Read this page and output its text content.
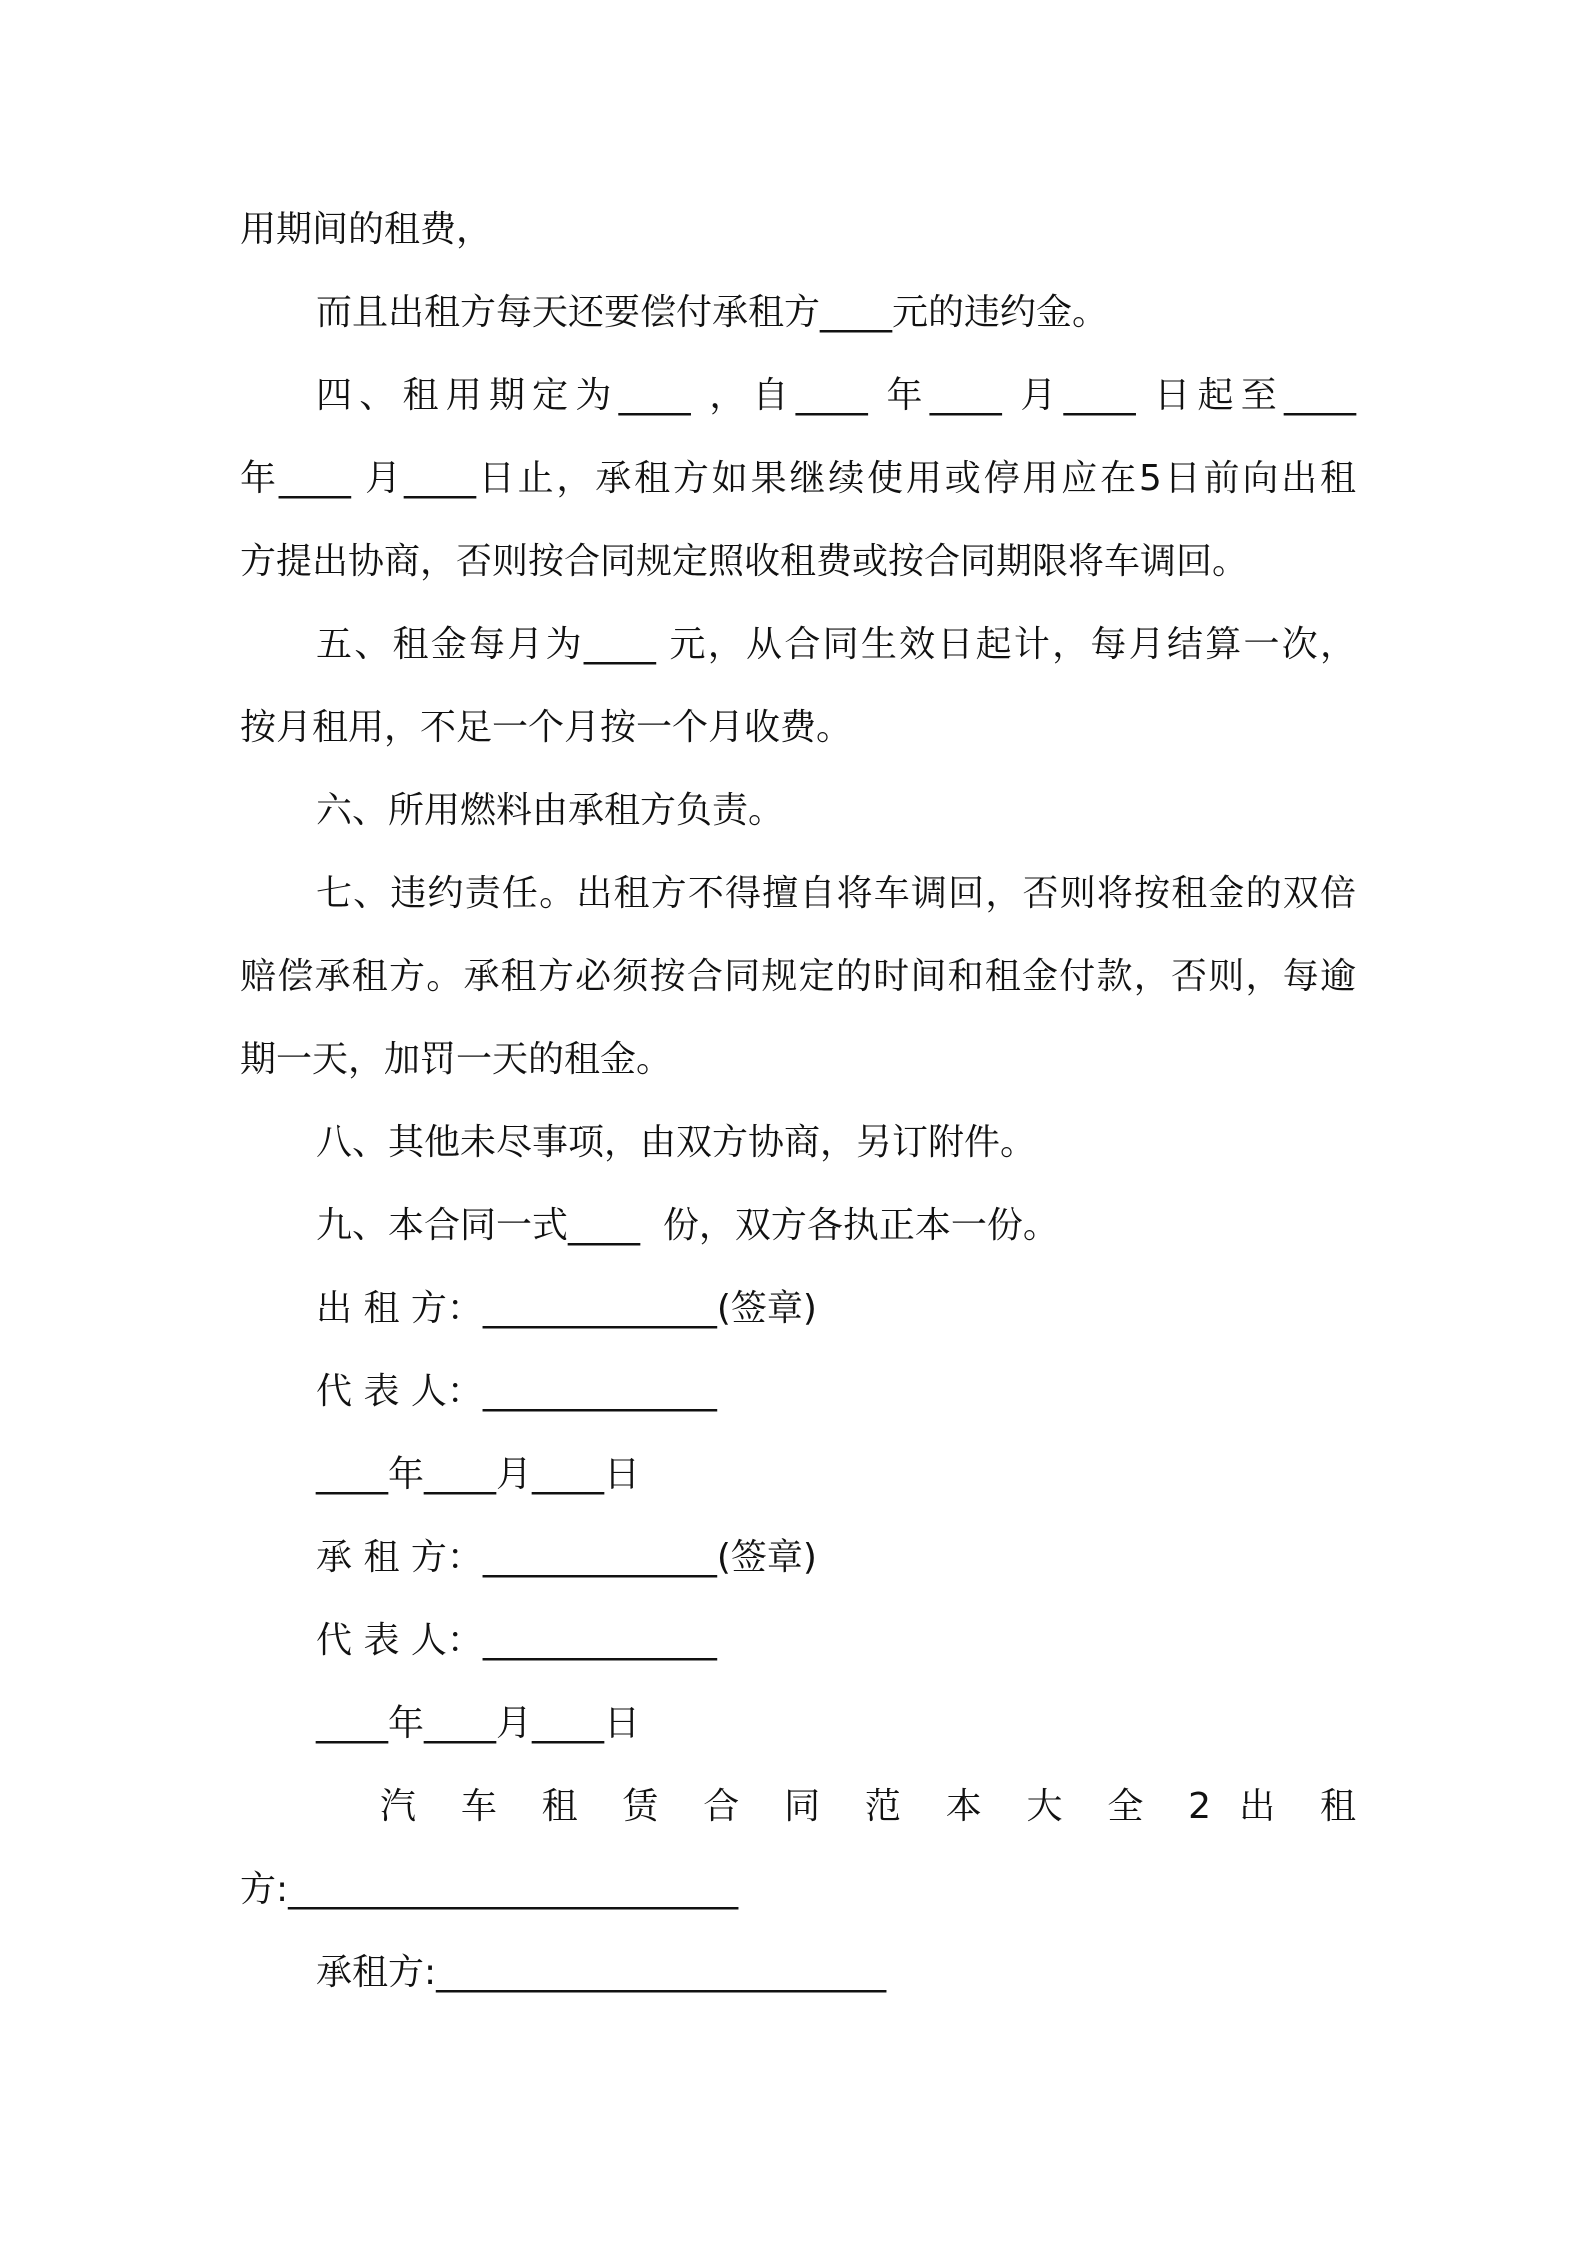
用期间的租费，
而且出租方每天还要偿付承租方____元的违约金。
四、租用期定为____ ，自____ 年____ 月____ 日起至____
年____ 月____日止，承租方如果继续使用或停用应在5日前向出租
方提出协商，否则按合同规定照收租费或按合同期限将车调回。
五、租金每月为____ 元，从合同生效日起计，每月结算一次，
按月租用，不足一个月按一个月收费。
六、所用燃料由承租方负责。
七、违约责任。出租方不得擅自将车调回，否则将按租金的双倍
赔偿承租方。承租方必须按合同规定的时间和租金付款，否则，每逾
期一天，加罚一天的租金。
八、其他未尽事项，由双方协商，另订附件。
九、本合同一式____  份，双方各执正本一份。
出 租 方：_____________(签章)
代 表 人：_____________
____年____月____日
承 租 方：_____________(签章)
代 表 人：_____________
____年____月____日
汽 车 租 赁 合 同 范 本 大 全 2 出 租
方:_________________________
承租方:_________________________
